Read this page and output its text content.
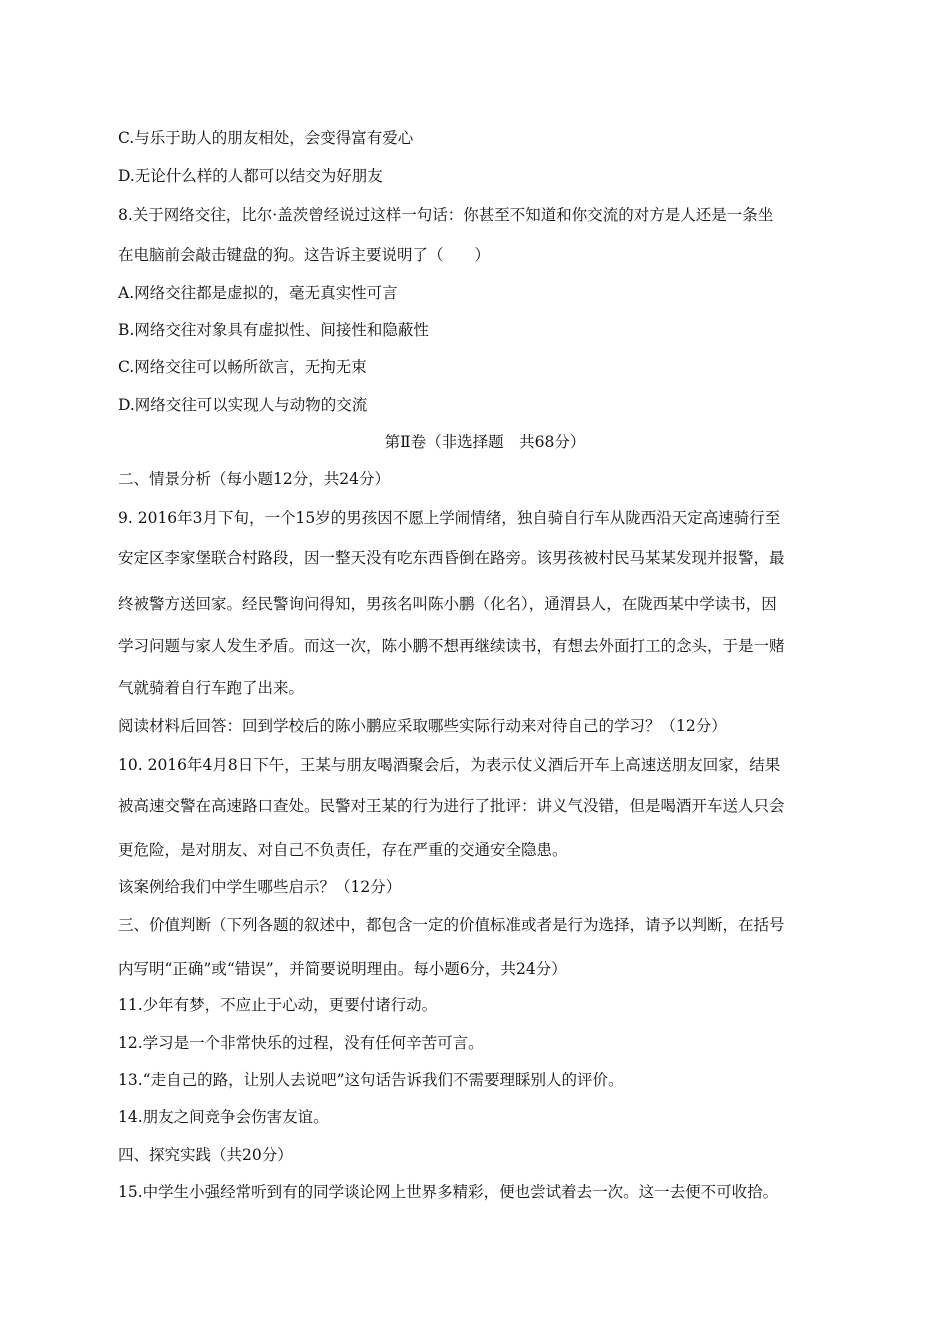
C.与乐于助人的朋友相处，会变得富有爱心
D.无论什么样的人都可以结交为好朋友
8.关于网络交往，比尔·盖茨曾经说过这样一句话：你甚至不知道和你交流的对方是人还是一条坐
在电脑前会敲击键盘的狗。这告诉主要说明了（　　）
A.网络交往都是虚拟的，毫无真实性可言
B.网络交往对象具有虚拟性、间接性和隐蔽性
C.网络交往可以畅所欲言，无拘无束
D.网络交往可以实现人与动物的交流
第Ⅱ卷（非选择题　共68分）
二、情景分析（每小题12分，共24分）
9. 2016年3月下旬，一个15岁的男孩因不愿上学闹情绪，独自骑自行车从陇西沿天定高速骑行至
安定区李家堡联合村路段，因一整天没有吃东西昏倒在路旁。该男孩被村民马某某发现并报警，最
终被警方送回家。经民警询问得知，男孩名叫陈小鹏（化名），通渭县人，在陇西某中学读书，因
学习问题与家人发生矛盾。而这一次，陈小鹏不想再继续读书，有想去外面打工的念头，于是一赌
气就骑着自行车跑了出来。
阅读材料后回答：回到学校后的陈小鹏应采取哪些实际行动来对待自己的学习？（12分）
10. 2016年4月8日下午，王某与朋友喝酒聚会后，为表示仗义酒后开车上高速送朋友回家，结果
被高速交警在高速路口查处。民警对王某的行为进行了批评：讲义气没错，但是喝酒开车送人只会
更危险，是对朋友、对自己不负责任，存在严重的交通安全隐患。
该案例给我们中学生哪些启示？（12分）
三、价值判断（下列各题的叙述中，都包含一定的价值标准或者是行为选择，请予以判断，在括号
内写明“正确”或“错误”，并简要说明理由。每小题6分，共24分）
11.少年有梦，不应止于心动，更要付诸行动。
12.学习是一个非常快乐的过程，没有任何辛苦可言。
13.“走自己的路，让别人去说吧”这句话告诉我们不需要理睬别人的评价。
14.朋友之间竞争会伤害友谊。
四、探究实践（共20分）
15.中学生小强经常听到有的同学谈论网上世界多精彩，便也尝试着去一次。这一去便不可收拾。
